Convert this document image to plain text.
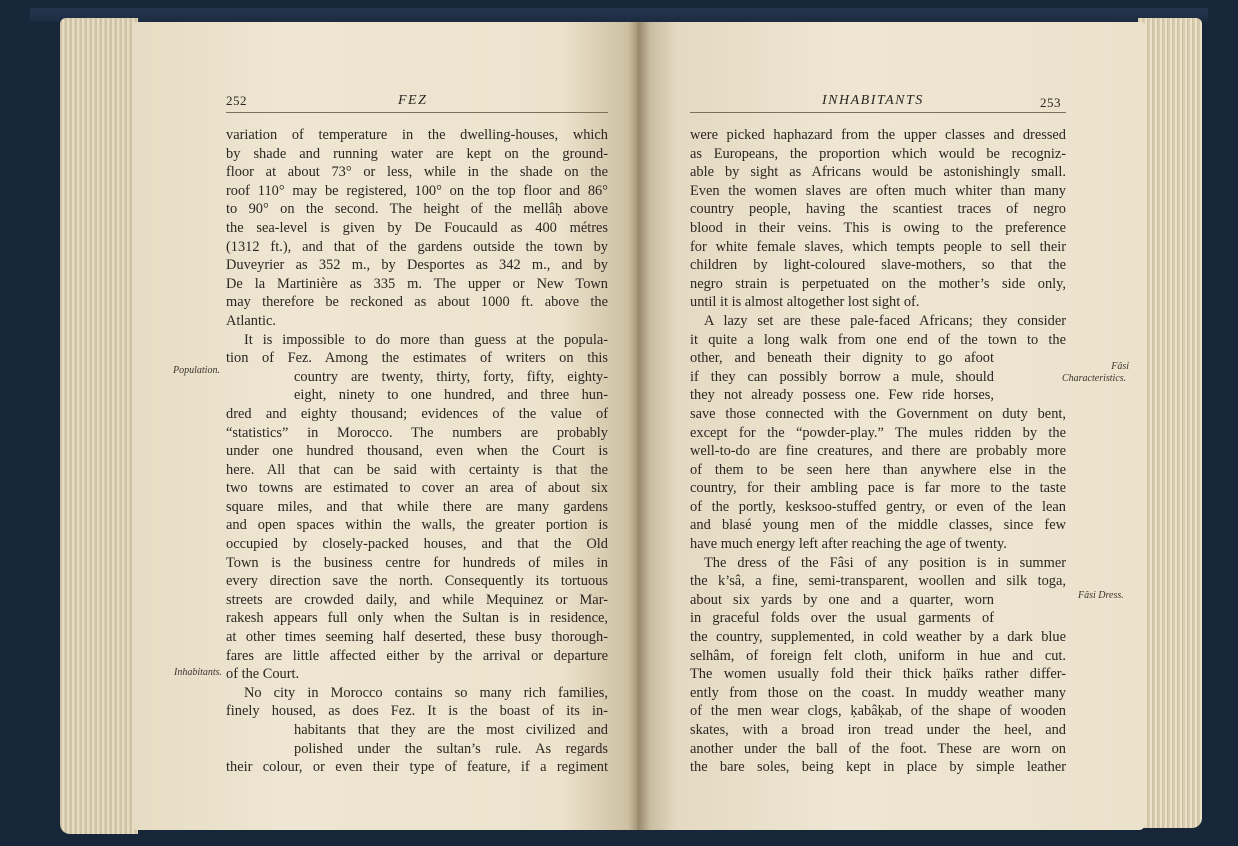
252	FEZ	INHABITANTS	253
variation of temperature in the dwelling-houses, which
by shade and running water are kept on the ground-
floor at about 73° or less, while in the shade on the
roof 110° may be registered, 100° on the top floor and 86°
to 90° on the second. The height of the mellâḥ above
the sea-level is given by De Foucauld as 400 métres
(1312 ft.), and that of the gardens outside the town by
Duveyrier as 352 m., by Desportes as 342 m., and by
De la Martinière as 335 m. The upper or New Town
may therefore be reckoned as about 1000 ft. above the
Atlantic.
It is impossible to do more than guess at the popula-
tion of Fez. Among the estimates of writers on this
country are twenty, thirty, forty, fifty, eighty-
eight, ninety to one hundred, and three hun-
dred and eighty thousand; evidences of the value of
“statistics” in Morocco. The numbers are probably
under one hundred thousand, even when the Court is
here. All that can be said with certainty is that the
two towns are estimated to cover an area of about six
square miles, and that while there are many gardens
and open spaces within the walls, the greater portion is
occupied by closely-packed houses, and that the Old
Town is the business centre for hundreds of miles in
every direction save the north. Consequently its tortuous
streets are crowded daily, and while Mequinez or Mar-
rakesh appears full only when the Sultan is in residence,
at other times seeming half deserted, these busy thorough-
fares are little affected either by the arrival or departure
of the Court.
No city in Morocco contains so many rich families,
finely housed, as does Fez. It is the boast of its in-
habitants that they are the most civilized and
polished under the sultan’s rule. As regards
their colour, or even their type of feature, if a regiment
Population.
Inhabitants.
were picked haphazard from the upper classes and dressed
as Europeans, the proportion which would be recogniz-
able by sight as Africans would be astonishingly small.
Even the women slaves are often much whiter than many
country people, having the scantiest traces of negro
blood in their veins. This is owing to the preference
for white female slaves, which tempts people to sell their
children by light-coloured slave-mothers, so that the
negro strain is perpetuated on the mother’s side only,
until it is almost altogether lost sight of.
A lazy set are these pale-faced Africans; they consider
it quite a long walk from one end of the town to the
other, and beneath their dignity to go afoot
if they can possibly borrow a mule, should
they not already possess one. Few ride horses,
save those connected with the Government on duty bent,
except for the “powder-play.” The mules ridden by the
well-to-do are fine creatures, and there are probably more
of them to be seen here than anywhere else in the
country, for their ambling pace is far more to the taste
of the portly, kesksoo-stuffed gentry, or even of the lean
and blasé young men of the middle classes, since few
have much energy left after reaching the age of twenty.
The dress of the Fâsi of any position is in summer
the k’sâ, a fine, semi-transparent, woollen and silk toga,
about six yards by one and a quarter, worn
in graceful folds over the usual garments of
the country, supplemented, in cold weather by a dark blue
selhâm, of foreign felt cloth, uniform in hue and cut.
The women usually fold their thick ḥaïks rather differ-
ently from those on the coast. In muddy weather many
of the men wear clogs, ḳabâḳab, of the shape of wooden
skates, with a broad iron tread under the heel, and
another under the ball of the foot. These are worn on
the bare soles, being kept in place by simple leather
Fâsi
Characteristics.
Fâsi Dress.
